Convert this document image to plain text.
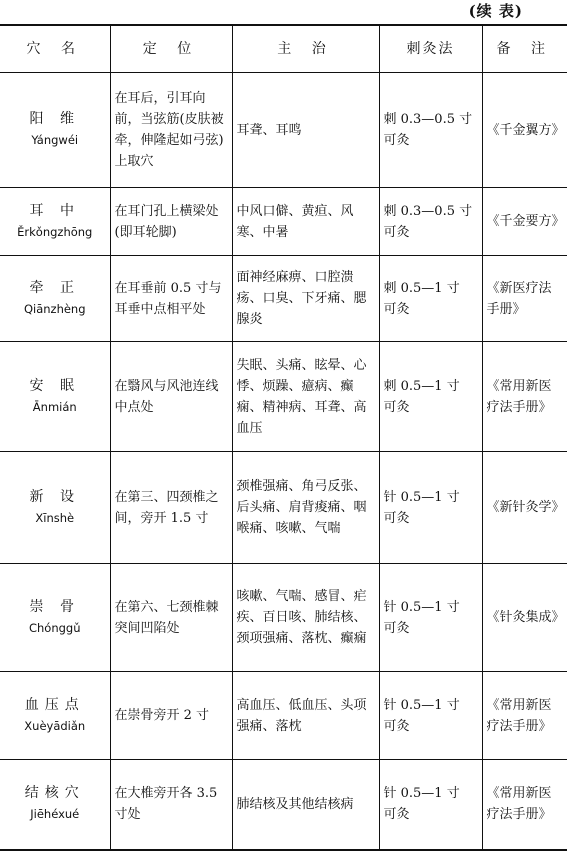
(续 表)
穴 名	定 位	主 治	刺灸法	备 注

阳 维
Yángwéi	在耳后，引耳向前，当弦筋(皮肤被牵，伸隆起如弓弦)上取穴	耳聋、耳鸣	刺 0.3—0.5 寸　可灸	《千金翼方》

耳 中
Ěrkǒngzhōng	在耳门孔上横梁处(即耳轮脚)	中风口僻、黄疸、风寒、中暑	刺 0.3—0.5 寸　可灸	《千金要方》

牵 正
Qiānzhèng	在耳垂前 0.5 寸与耳垂中点相平处	面神经麻痹、口腔溃疡、口臭、下牙痛、腮腺炎	刺 0.5—1 寸　可灸	《新医疗法手册》

安 眠
Ānmián	在翳风与风池连线中点处	失眠、头痛、眩晕、心悸、烦躁、癔病、癫痫、精神病、耳聋、高血压	刺 0.5—1 寸　可灸	《常用新医疗法手册》

新 设
Xīnshè	在第三、四颈椎之间，旁开 1.5 寸	颈椎强痛、角弓反张、后头痛、肩背痠痛、咽喉痛、咳嗽、气喘	针 0.5—1 寸　可灸	《新针灸学》

崇 骨
Chónggǔ	在第六、七颈椎棘突间凹陷处	咳嗽、气喘、感冒、疟疾、百日咳、肺结核、颈项强痛、落枕、癫痫	针 0.5—1 寸　可灸	《针灸集成》

血压点
Xuèyādiǎn	在崇骨旁开 2 寸	高血压、低血压、头项强痛、落枕	针 0.5—1 寸　可灸	《常用新医疗法手册》

结核穴
Jiēhéxué	在大椎旁开各 3.5 寸处	肺结核及其他结核病	针 0.5—1 寸　可灸	《常用新医疗法手册》
